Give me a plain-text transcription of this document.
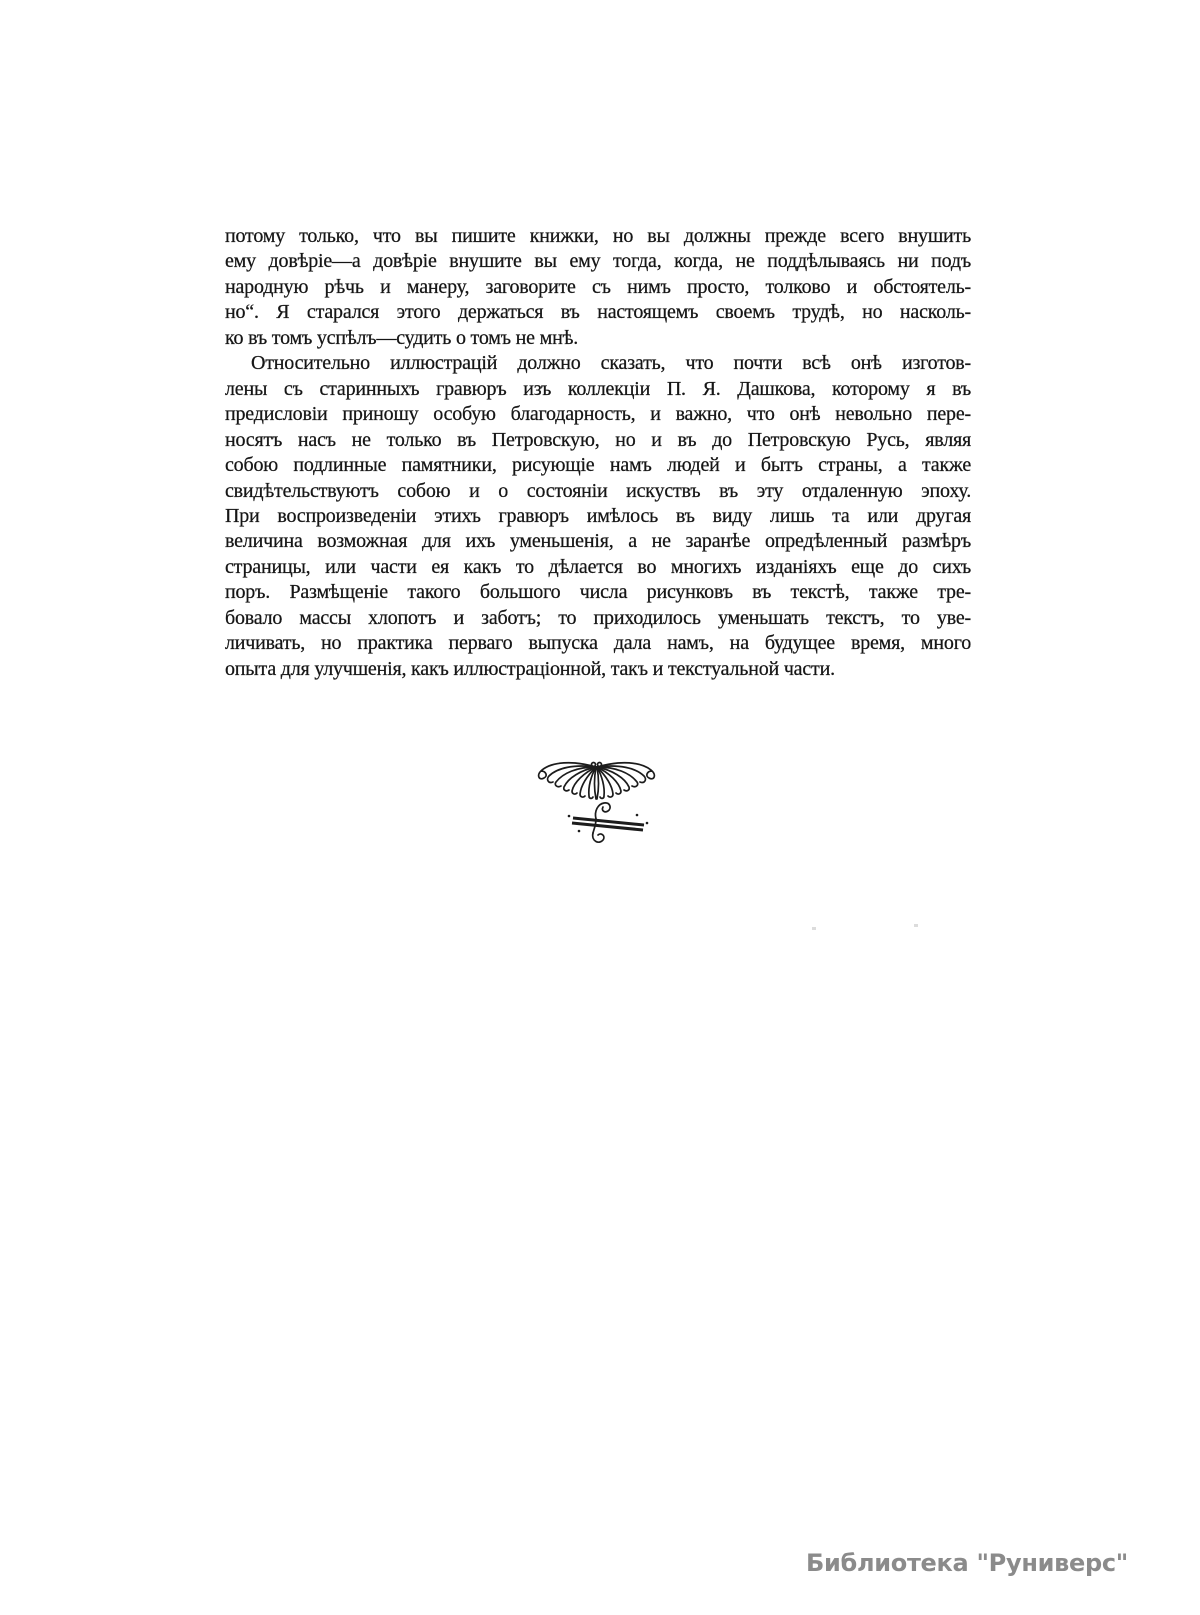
потому только, что вы пишите книжки, но вы должны прежде всего внушить
ему довѣріе—а довѣріе внушите вы ему тогда, когда, не поддѣлываясь ни подъ
народную рѣчь и манеру, заговорите съ нимъ просто, толково и обстоятель-
но“. Я старался этого держаться въ настоящемъ своемъ трудѣ, но насколь-
ко въ томъ успѣлъ—судить о томъ не мнѣ.
Относительно иллюстрацій должно сказать, что почти всѣ онѣ изготов-
лены съ старинныхъ гравюръ изъ коллекціи П. Я. Дашкова, которому я въ
предисловіи приношу особую благодарность, и важно, что онѣ невольно пере-
носятъ насъ не только въ Петровскую, но и въ до Петровскую Русь, являя
собою подлинные памятники, рисующіе намъ людей и бытъ страны, а также
свидѣтельствуютъ собою и о состояніи искуствъ въ эту отдаленную эпоху.
При воспроизведеніи этихъ гравюръ имѣлось въ виду лишь та или другая
величина возможная для ихъ уменьшенія, а не заранѣе опредѣленный размѣръ
страницы, или части ея какъ то дѣлается во многихъ изданіяхъ еще до сихъ
поръ. Размѣщеніе такого большого числа рисунковъ въ текстѣ, также тре-
бовало массы хлопотъ и заботъ; то приходилось уменьшать текстъ, то уве-
личивать, но практика перваго выпуска дала намъ, на будущее время, много
опыта для улучшенія, какъ иллюстраціонной, такъ и текстуальной части.
Библиотека "Руниверс"
